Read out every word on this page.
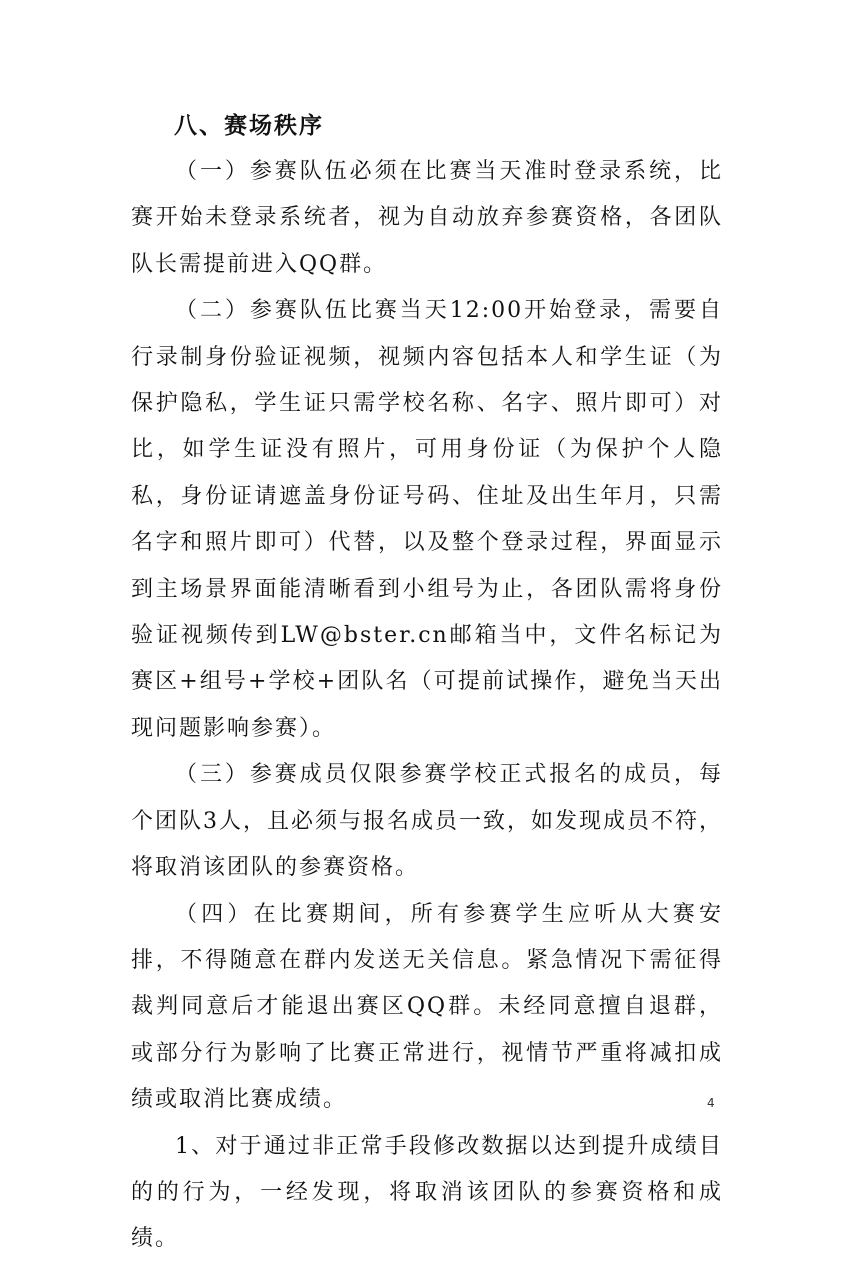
八、赛场秩序

（一）参赛队伍必须在比赛当天准时登录系统，比赛开始未登录系统者，视为自动放弃参赛资格，各团队队长需提前进入QQ群。

（二）参赛队伍比赛当天12:00开始登录，需要自行录制身份验证视频，视频内容包括本人和学生证（为保护隐私，学生证只需学校名称、名字、照片即可）对比，如学生证没有照片，可用身份证（为保护个人隐私，身份证请遮盖身份证号码、住址及出生年月，只需名字和照片即可）代替，以及整个登录过程，界面显示到主场景界面能清晰看到小组号为止，各团队需将身份验证视频传到LW@bster.cn邮箱当中，文件名标记为赛区+组号+学校+团队名（可提前试操作，避免当天出现问题影响参赛）。

（三）参赛成员仅限参赛学校正式报名的成员，每个团队3人，且必须与报名成员一致，如发现成员不符，将取消该团队的参赛资格。

（四）在比赛期间，所有参赛学生应听从大赛安排，不得随意在群内发送无关信息。紧急情况下需征得裁判同意后才能退出赛区QQ群。未经同意擅自退群，或部分行为影响了比赛正常进行，视情节严重将减扣成绩或取消比赛成绩。

1、对于通过非正常手段修改数据以达到提升成绩目的的行为，一经发现，将取消该团队的参赛资格和成绩。

4
